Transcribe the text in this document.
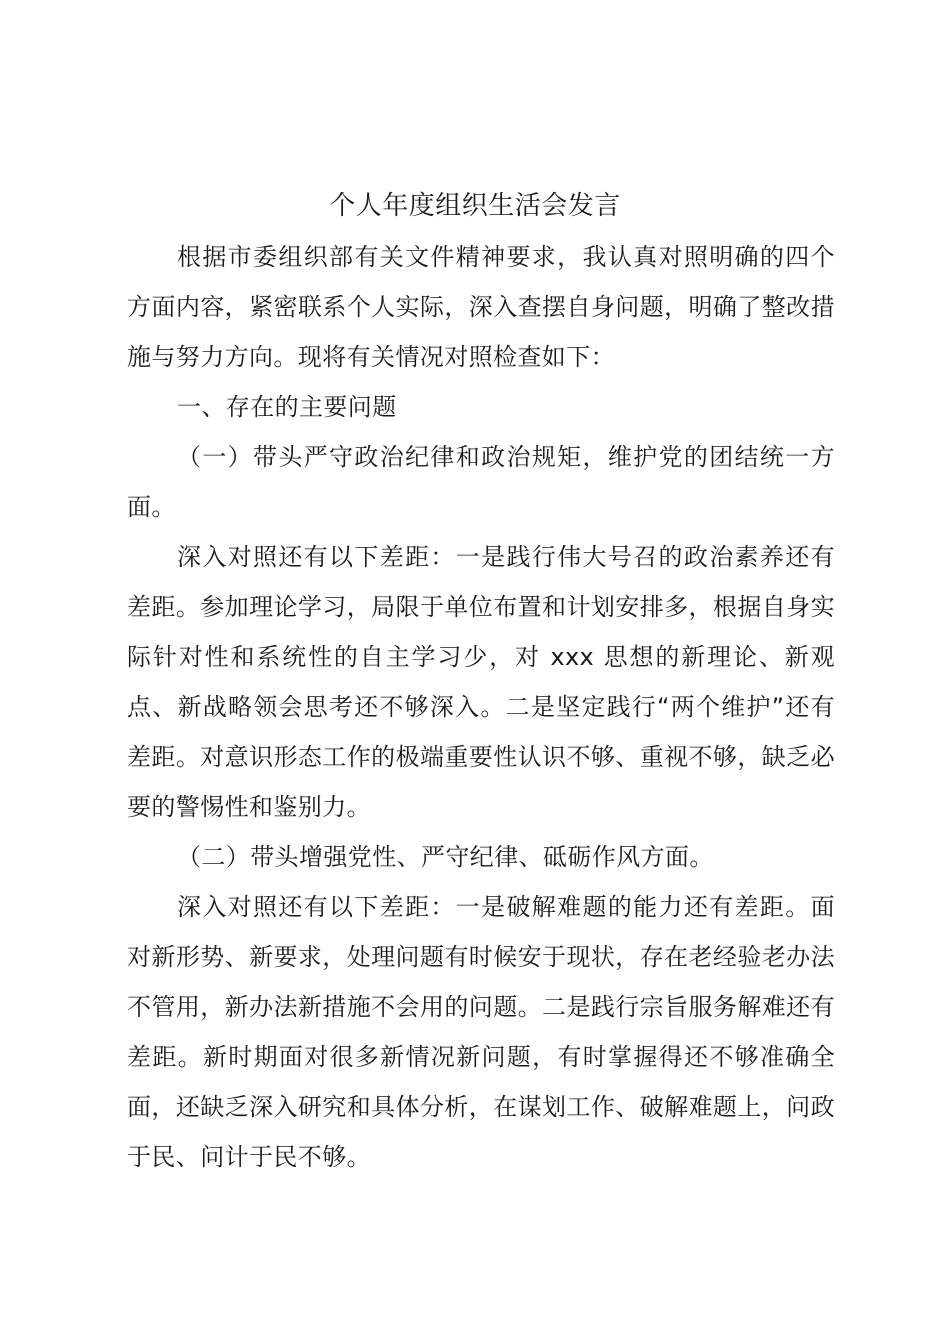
个人年度组织生活会发言

根据市委组织部有关文件精神要求，我认真对照明确的四个方面内容，紧密联系个人实际，深入查摆自身问题，明确了整改措施与努力方向。现将有关情况对照检查如下：

一、存在的主要问题

（一）带头严守政治纪律和政治规矩，维护党的团结统一方面。

深入对照还有以下差距：一是践行伟大号召的政治素养还有差距。参加理论学习，局限于单位布置和计划安排多，根据自身实际针对性和系统性的自主学习少，对 xxx 思想的新理论、新观点、新战略领会思考还不够深入。二是坚定践行“两个维护”还有差距。对意识形态工作的极端重要性认识不够、重视不够，缺乏必要的警惕性和鉴别力。

（二）带头增强党性、严守纪律、砥砺作风方面。

深入对照还有以下差距：一是破解难题的能力还有差距。面对新形势、新要求，处理问题有时候安于现状，存在老经验老办法不管用，新办法新措施不会用的问题。二是践行宗旨服务解难还有差距。新时期面对很多新情况新问题，有时掌握得还不够准确全面，还缺乏深入研究和具体分析，在谋划工作、破解难题上，问政于民、问计于民不够。
